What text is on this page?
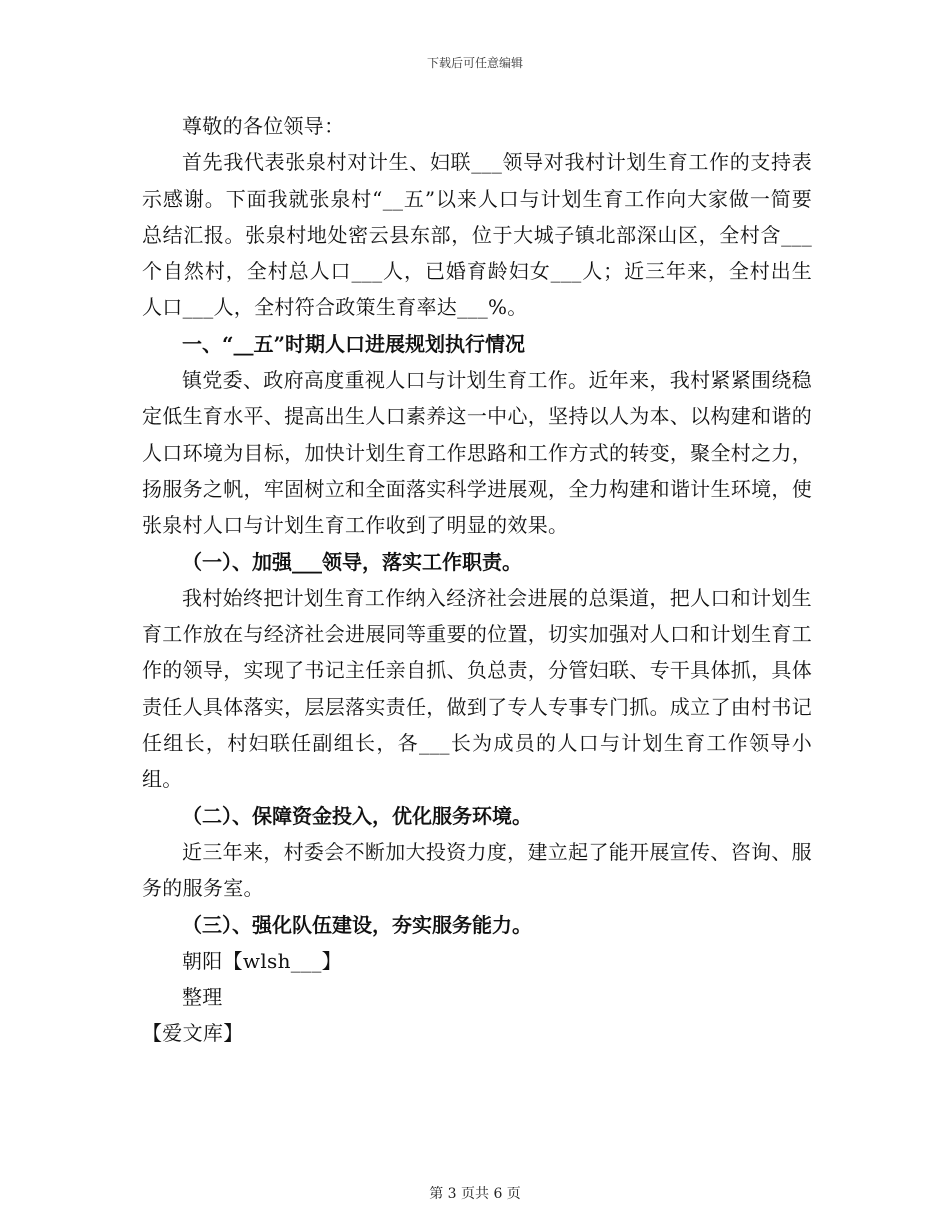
下载后可任意编辑

尊敬的各位领导：

首先我代表张泉村对计生、妇联___领导对我村计划生育工作的支持表示感谢。下面我就张泉村“__五”以来人口与计划生育工作向大家做一简要总结汇报。张泉村地处密云县东部，位于大城子镇北部深山区，全村含___个自然村，全村总人口___人，已婚育龄妇女___人；近三年来，全村出生人口___人，全村符合政策生育率达___%。

一、“__五”时期人口进展规划执行情况

镇党委、政府高度重视人口与计划生育工作。近年来，我村紧紧围绕稳定低生育水平、提高出生人口素养这一中心，坚持以人为本、以构建和谐的人口环境为目标，加快计划生育工作思路和工作方式的转变，聚全村之力，扬服务之帆，牢固树立和全面落实科学进展观，全力构建和谐计生环境，使张泉村人口与计划生育工作收到了明显的效果。

（一）、加强___领导，落实工作职责。

我村始终把计划生育工作纳入经济社会进展的总渠道，把人口和计划生育工作放在与经济社会进展同等重要的位置，切实加强对人口和计划生育工作的领导，实现了书记主任亲自抓、负总责，分管妇联、专干具体抓，具体责任人具体落实，层层落实责任，做到了专人专事专门抓。成立了由村书记任组长，村妇联任副组长，各___长为成员的人口与计划生育工作领导小组。

（二）、保障资金投入，优化服务环境。

近三年来，村委会不断加大投资力度，建立起了能开展宣传、咨询、服务的服务室。

（三）、强化队伍建设，夯实服务能力。

朝阳【wlsh___】

整理

【爱文库】

第 3 页共 6 页
